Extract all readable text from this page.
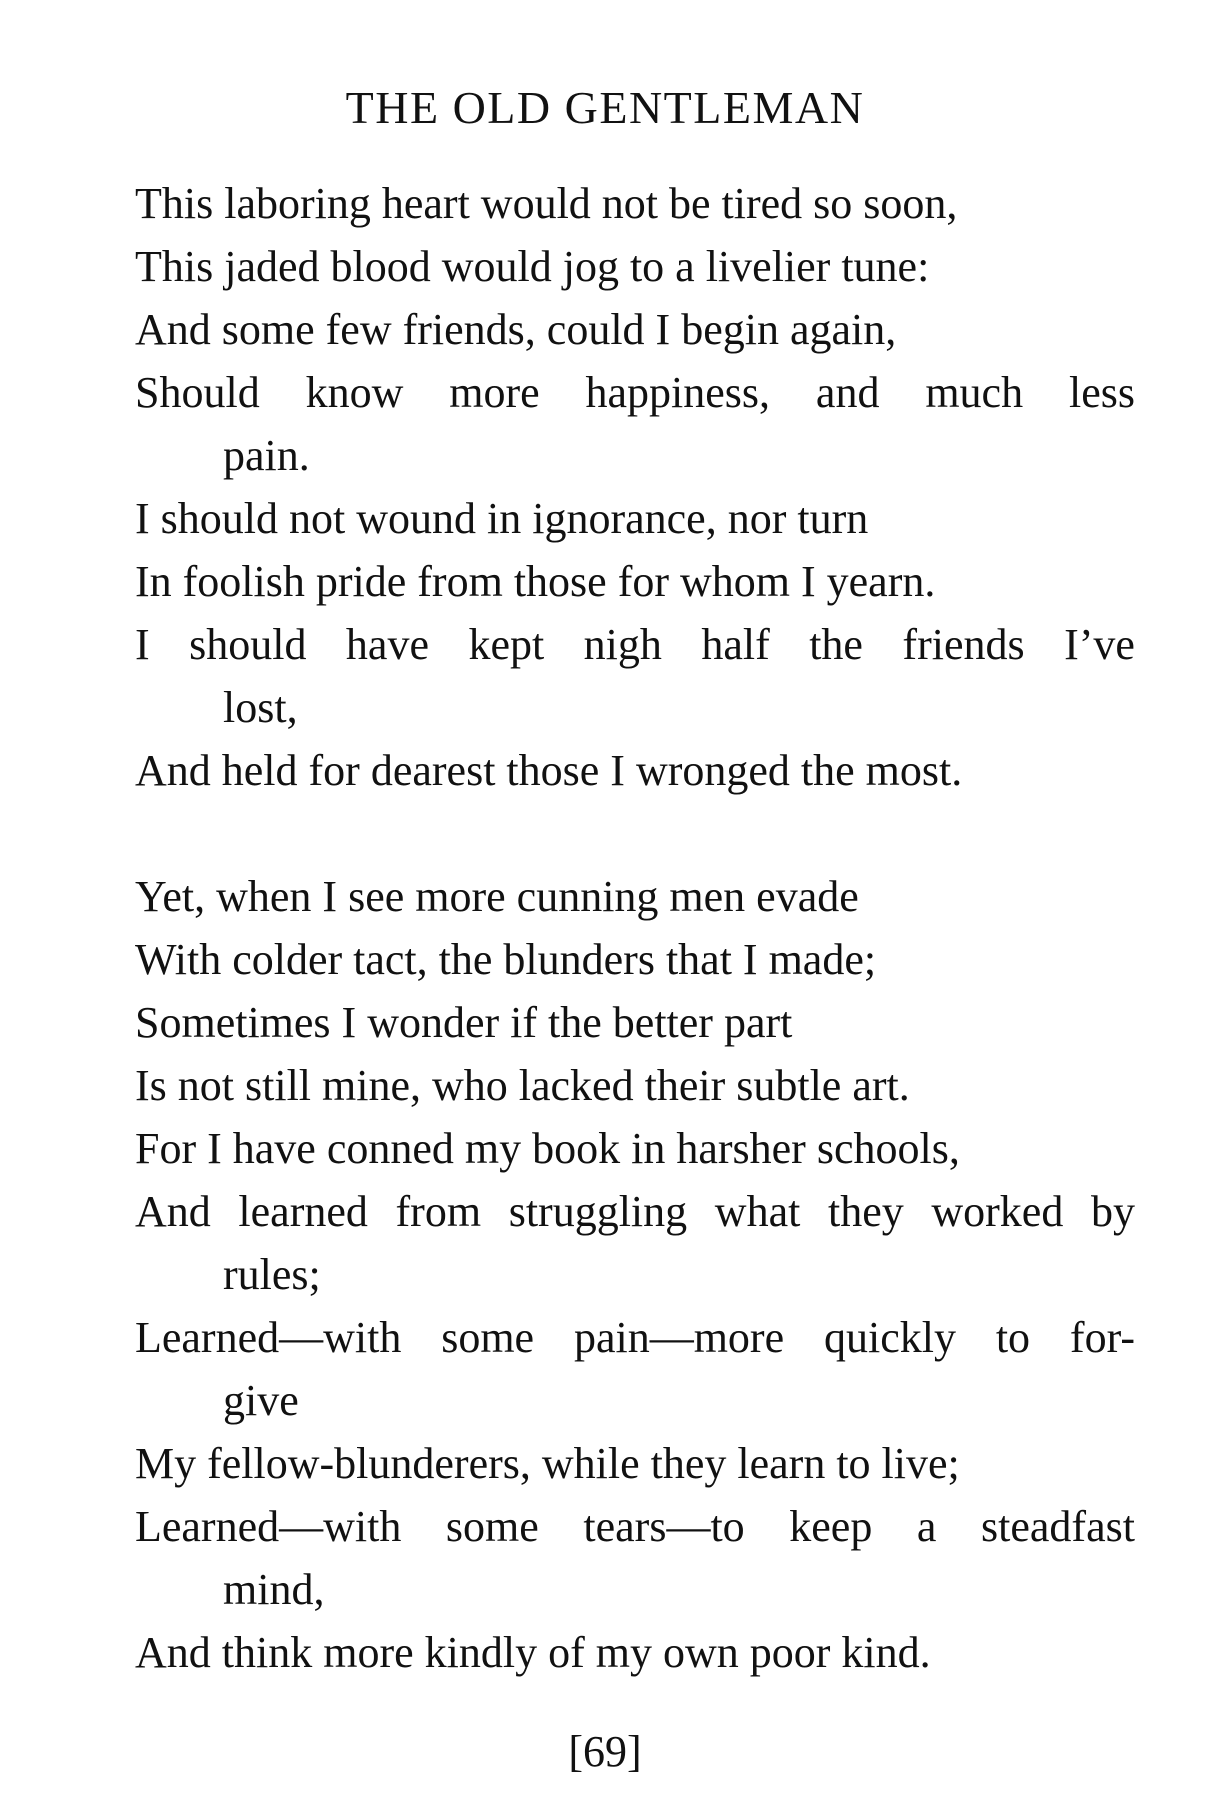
THE OLD GENTLEMAN
This laboring heart would not be tired so soon,
This jaded blood would jog to a livelier tune:
And some few friends, could I begin again,
Should know more happiness, and much less
pain.
I should not wound in ignorance, nor turn
In foolish pride from those for whom I yearn.
I should have kept nigh half the friends I’ve
lost,
And held for dearest those I wronged the most.
Yet, when I see more cunning men evade
With colder tact, the blunders that I made;
Sometimes I wonder if the better part
Is not still mine, who lacked their subtle art.
For I have conned my book in harsher schools,
And learned from struggling what they worked by
rules;
Learned—with some pain—more quickly to for-
give
My fellow-blunderers, while they learn to live;
Learned—with some tears—to keep a steadfast
mind,
And think more kindly of my own poor kind.
[69]
